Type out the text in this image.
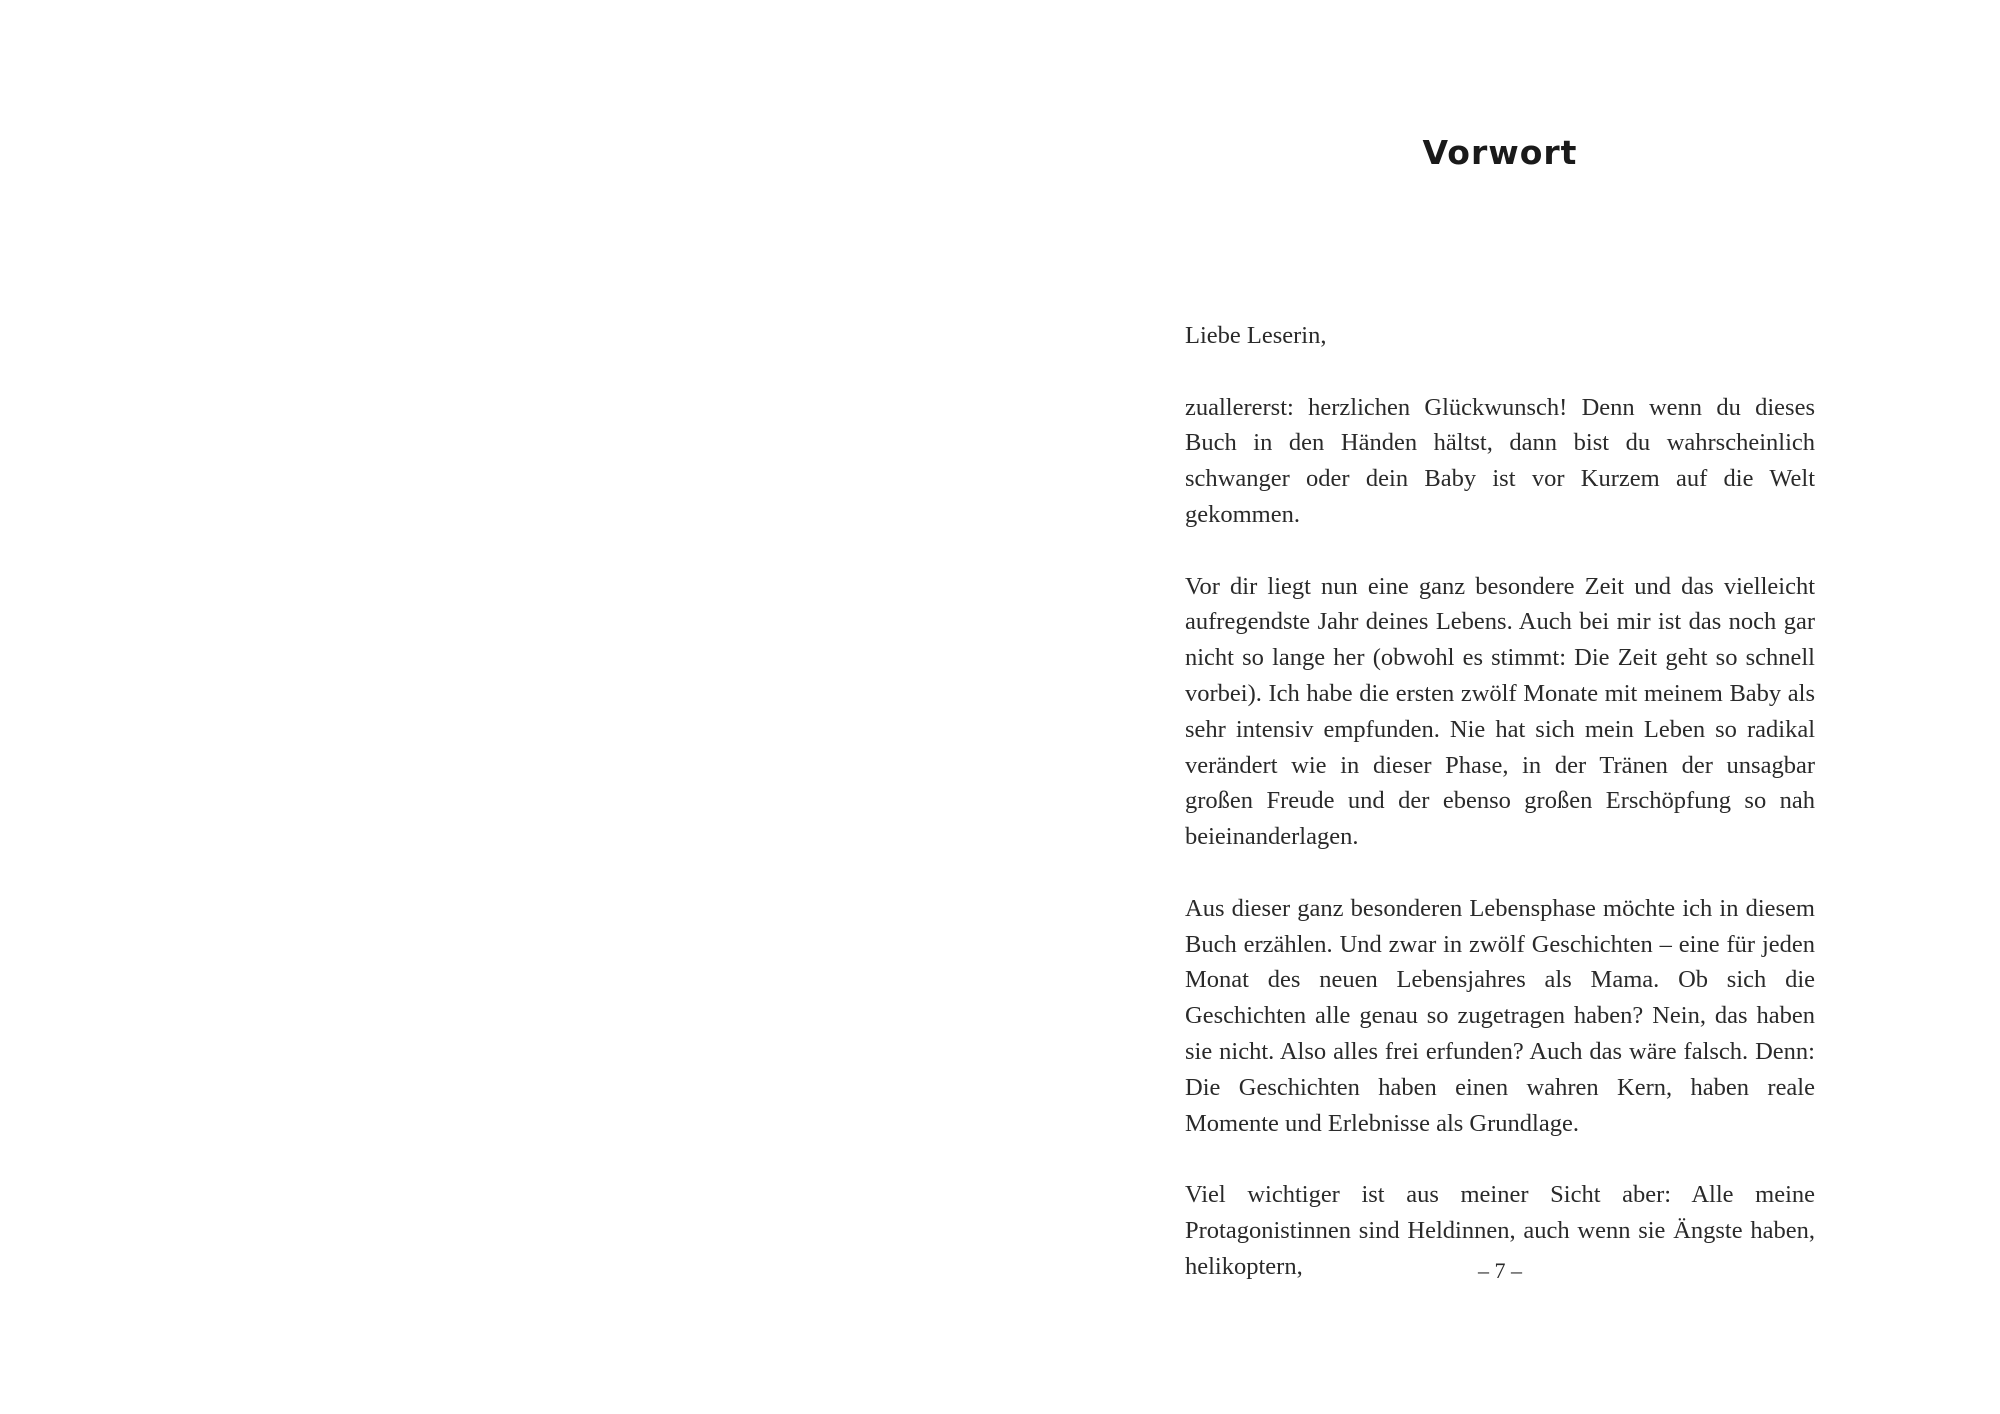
Vorwort

Liebe Leserin,

zuallererst: herzlichen Glückwunsch! Denn wenn du dieses Buch in den Händen hältst, dann bist du wahrscheinlich schwanger oder dein Baby ist vor Kurzem auf die Welt gekommen.

Vor dir liegt nun eine ganz besondere Zeit und das vielleicht aufregendste Jahr deines Lebens. Auch bei mir ist das noch gar nicht so lange her (obwohl es stimmt: Die Zeit geht so schnell vorbei). Ich habe die ersten zwölf Monate mit meinem Baby als sehr intensiv empfunden. Nie hat sich mein Leben so radikal verändert wie in dieser Phase, in der Tränen der unsagbar großen Freude und der ebenso großen Erschöpfung so nah beieinanderlagen.

Aus dieser ganz besonderen Lebensphase möchte ich in diesem Buch erzählen. Und zwar in zwölf Geschichten – eine für jeden Monat des neuen Lebensjahres als Mama. Ob sich die Geschichten alle genau so zugetragen haben? Nein, das haben sie nicht. Also alles frei erfunden? Auch das wäre falsch. Denn: Die Geschichten haben einen wahren Kern, haben reale Momente und Erlebnisse als Grundlage.

Viel wichtiger ist aus meiner Sicht aber: Alle meine Protagonistinnen sind Heldinnen, auch wenn sie Ängste haben, helikoptern,	– 7 –
